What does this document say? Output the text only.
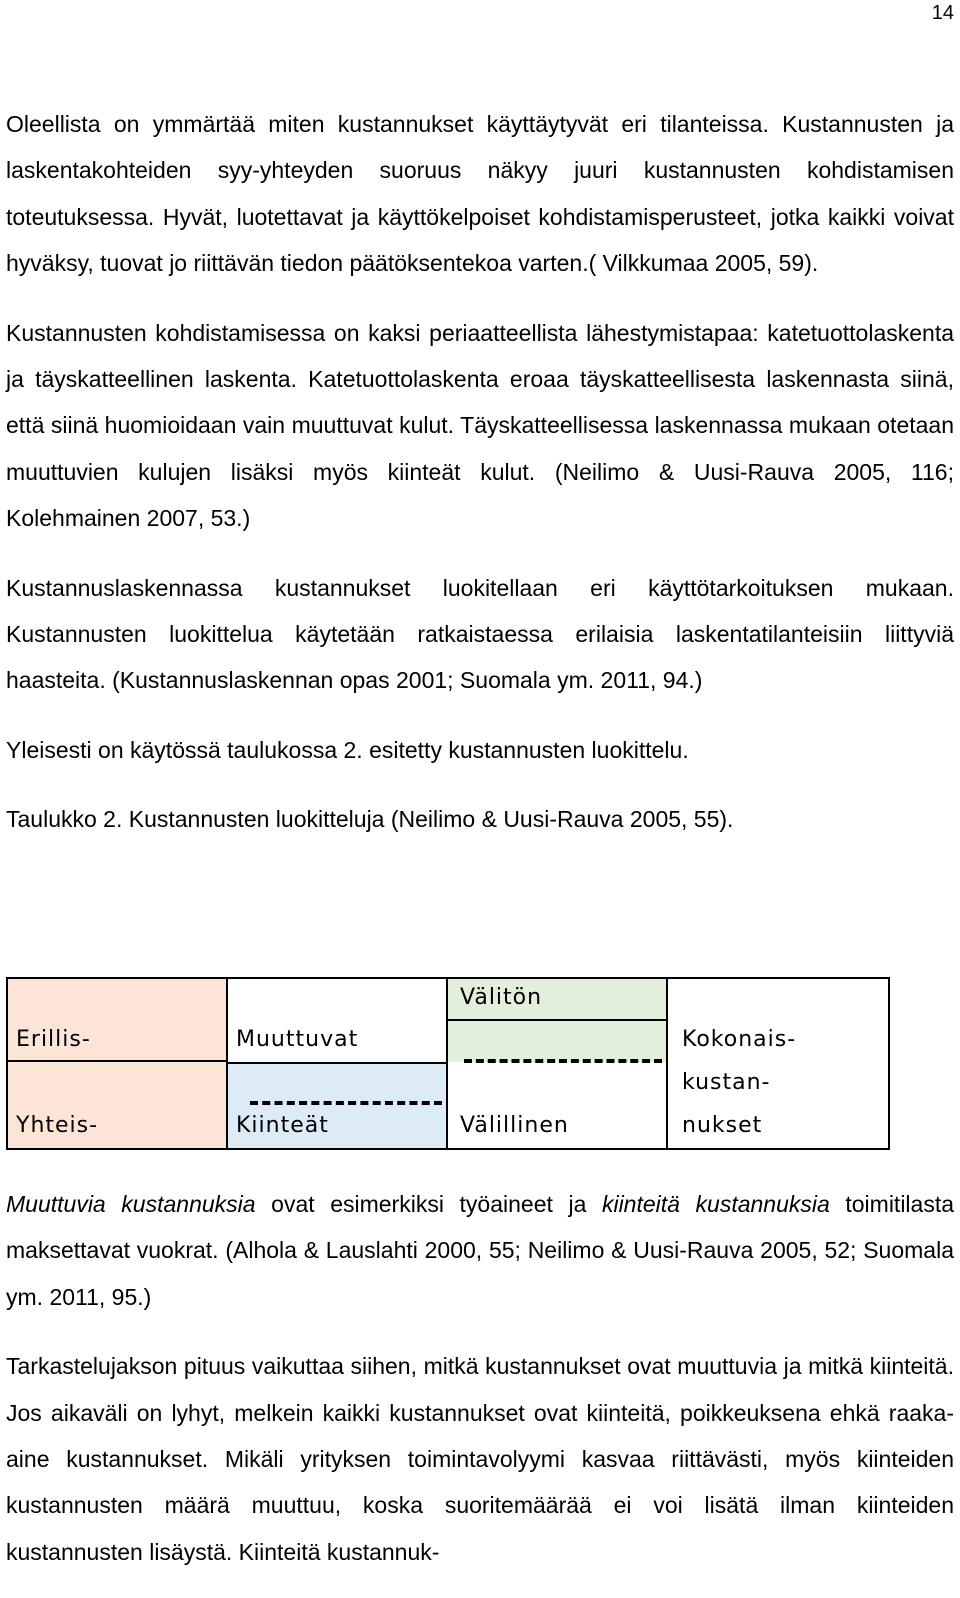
14

Oleellista on ymmärtää miten kustannukset käyttäytyvät eri tilanteissa. Kustannusten ja laskentakohteiden syy-yhteyden suoruus näkyy juuri kustannusten kohdistamisen toteutuksessa. Hyvät, luotettavat ja käyttökelpoiset kohdistamisperusteet, jotka kaikki voivat hyväksy, tuovat jo riittävän tiedon päätöksentekoa varten.( Vilkkumaa 2005, 59).

Kustannusten kohdistamisessa on kaksi periaatteellista lähestymistapaa: katetuottolaskenta ja täyskatteellinen laskenta. Katetuottolaskenta eroaa täyskatteellisesta laskennasta siinä, että siinä huomioidaan vain muuttuvat kulut. Täyskatteellisessa laskennassa mukaan otetaan muuttuvien kulujen lisäksi myös kiinteät kulut. (Neilimo & Uusi-Rauva 2005, 116; Kolehmainen 2007, 53.)

Kustannuslaskennassa kustannukset luokitellaan eri käyttötarkoituksen mukaan. Kustannusten luokittelua käytetään ratkaistaessa erilaisia laskentatilanteisiin liittyviä haasteita. (Kustannuslaskennan opas 2001; Suomala ym. 2011, 94.)

Yleisesti on käytössä taulukossa 2. esitetty kustannusten luokittelu.

Taulukko 2. Kustannusten luokitteluja (Neilimo & Uusi-Rauva 2005, 55).

Erillis-
Yhteis-
Muuttuvat
Kiinteät
Välitön
Välillinen
Kokonais-
kustan-
nukset

Muuttuvia kustannuksia ovat esimerkiksi työaineet ja kiinteitä kustannuksia toimitilasta maksettavat vuokrat. (Alhola & Lauslahti 2000, 55; Neilimo & Uusi-Rauva 2005, 52; Suomala ym. 2011, 95.)

Tarkastelujakson pituus vaikuttaa siihen, mitkä kustannukset ovat muuttuvia ja mitkä kiinteitä. Jos aikaväli on lyhyt, melkein kaikki kustannukset ovat kiinteitä, poikkeuksena ehkä raaka-aine kustannukset. Mikäli yrityksen toimintavolyymi kasvaa riittävästi, myös kiinteiden kustannusten määrä muuttuu, koska suoritemäärää ei voi lisätä ilman kiinteiden kustannusten lisäystä. Kiinteitä kustannuk-
